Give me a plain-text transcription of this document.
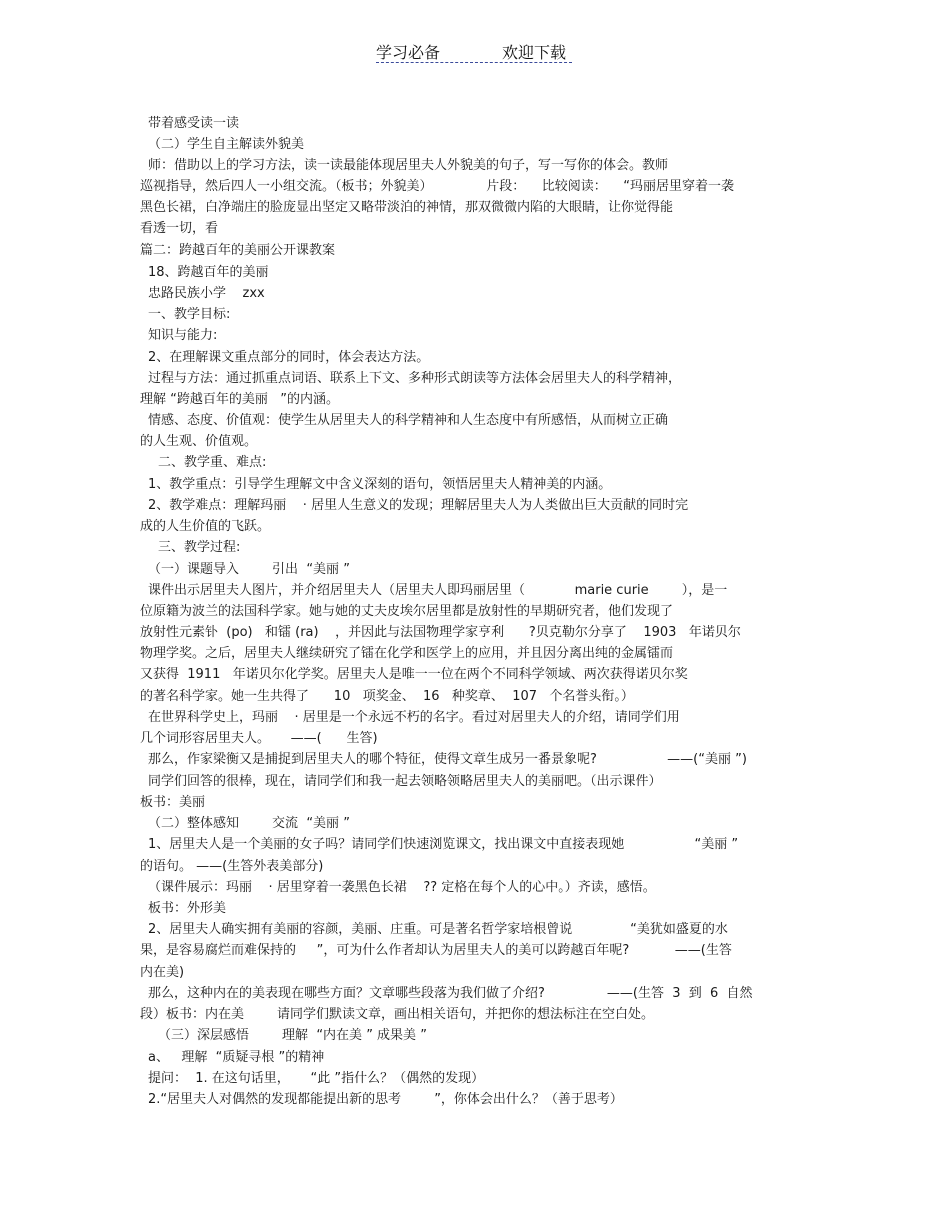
学习必备	欢迎下载
带着感受读一读
（二）学生自主解读外貌美
师：借助以上的学习方法，读一读最能体现居里夫人外貌美的句子，写一写你的体会。教师
巡视指导，然后四人一小组交流。（板书；外貌美）             片段：    比较阅读：    “玛丽居里穿着一袭
黑色长裙，白净端庄的脸庞显出坚定又略带淡泊的神情，那双微微内陷的大眼睛，让你觉得能
看透一切，看
篇二：跨越百年的美丽公开课教案
18、跨越百年的美丽
忠路民族小学    zxx
一、教学目标:
知识与能力:
2、在理解课文重点部分的同时，体会表达方法。
过程与方法：通过抓重点词语、联系上下文、多种形式朗读等方法体会居里夫人的科学精神，
理解 “跨越百年的美丽   ”的内涵。
情感、态度、价值观：使学生从居里夫人的科学精神和人生态度中有所感悟，从而树立正确
的人生观、价值观。
二、教学重、难点:
1、教学重点：引导学生理解文中含义深刻的语句，领悟居里夫人精神美的内涵。
2、教学难点：理解玛丽    · 居里人生意义的发现；理解居里夫人为人类做出巨大贡献的同时完
成的人生价值的飞跃。
三、教学过程:
（一）课题导入        引出  “美丽 ”
课件出示居里夫人图片，并介绍居里夫人（居里夫人即玛丽居里（            marie curie        ），是一
位原籍为波兰的法国科学家。她与她的丈夫皮埃尔居里都是放射性的早期研究者，他们发现了
放射性元素钋  (po)   和镭 (ra)    ，并因此与法国物理学家亨利      ?贝克勒尔分享了    1903   年诺贝尔
物理学奖。之后，居里夫人继续研究了镭在化学和医学上的应用，并且因分离出纯的金属镭而
又获得  1911   年诺贝尔化学奖。居里夫人是唯一一位在两个不同科学领域、两次获得诺贝尔奖
的著名科学家。她一生共得了      10   项奖金、  16   种奖章、  107   个名誉头衔。）
在世界科学史上，玛丽    · 居里是一个永远不朽的名字。看过对居里夫人的介绍，请同学们用
几个词形容居里夫人。     ——(      生答)
那么，作家梁衡又是捕捉到居里夫人的哪个特征，使得文章生成另一番景象呢?                 ——(“美丽 ”)
同学们回答的很棒，现在，请同学们和我一起去领略领略居里夫人的美丽吧。（出示课件）
板书：美丽
（二）整体感知        交流  “美丽 ”
1、居里夫人是一个美丽的女子吗？请同学们快速浏览课文，找出课文中直接表现她                 “美丽 ”
的语句。 ——(生答外表美部分)
（课件展示：玛丽    · 居里穿着一袭黑色长裙    ?? 定格在每个人的心中。）齐读，感悟。
板书：外形美
2、居里夫人确实拥有美丽的容颜，美丽、庄重。可是著名哲学家培根曾说              “美犹如盛夏的水
果，是容易腐烂而难保持的     ”，可为什么作者却认为居里夫人的美可以跨越百年呢?           ——(生答
内在美)
那么，这种内在的美表现在哪些方面？文章哪些段落为我们做了介绍?               ——(生答  3  到  6  自然
段）板书：内在美        请同学们默读文章，画出相关语句，并把你的想法标注在空白处。
（三）深层感悟        理解  “内在美 ” 成果美 ”
a、   理解  “质疑寻根 ”的精神
提问：  1. 在这句话里，     “此 ”指什么？（偶然的发现）
2.“居里夫人对偶然的发现都能提出新的思考        ”，你体会出什么？（善于思考）
